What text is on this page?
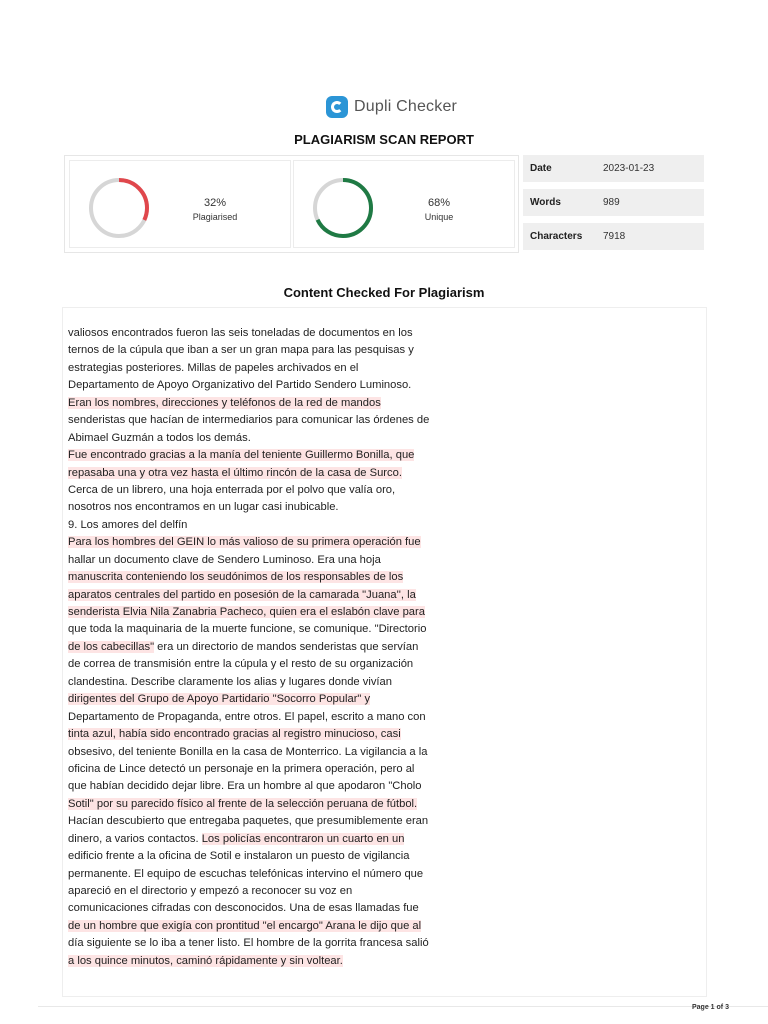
Dupli Checker
PLAGIARISM SCAN REPORT
32%
Plagiarised
68%
Unique
Date	2023-01-23
Words	989
Characters 7918
Content Checked For Plagiarism
valiosos encontrados fueron las seis toneladas de documentos en los
ternos de la cúpula que iban a ser un gran mapa para las pesquisas y
estrategias posteriores. Millas de papeles archivados en el
Departamento de Apoyo Organizativo del Partido Sendero Luminoso.
Eran los nombres, direcciones y teléfonos de la red de mandos
senderistas que hacían de intermediarios para comunicar las órdenes de
Abimael Guzmán a todos los demás.
Fue encontrado gracias a la manía del teniente Guillermo Bonilla, que
repasaba una y otra vez hasta el último rincón de la casa de Surco.
Cerca de un librero, una hoja enterrada por el polvo que valía oro,
nosotros nos encontramos en un lugar casi inubicable.
9. Los amores del delfín
Para los hombres del GEIN lo más valioso de su primera operación fue
hallar un documento clave de Sendero Luminoso. Era una hoja
manuscrita conteniendo los seudónimos de los responsables de los
aparatos centrales del partido en posesión de la camarada "Juana'', la
senderista Elvia Nila Zanabria Pacheco, quien era el eslabón clave para
que toda la maquinaria de la muerte funcione, se comunique. "Directorio
de los cabecillas" era un directorio de mandos senderistas que servían
de correa de transmisión entre la cúpula y el resto de su organización
clandestina. Describe claramente los alias y lugares donde vivían
dirigentes del Grupo de Apoyo Partidario "Socorro Popular" y
Departamento de Propaganda, entre otros. El papel, escrito a mano con
tinta azul, había sido encontrado gracias al registro minucioso, casi
obsesivo, del teniente Bonilla en la casa de Monterrico. La vigilancia a la
oficina de Lince detectó un personaje en la primera operación, pero al
que habían decidido dejar libre. Era un hombre al que apodaron "Cholo
Sotil" por su parecido físico al frente de la selección peruana de fútbol.
Hacían descubierto que entregaba paquetes, que presumiblemente eran
dinero, a varios contactos. Los policías encontraron un cuarto en un
edificio frente a la oficina de Sotil e instalaron un puesto de vigilancia
permanente. El equipo de escuchas telefónicas intervino el número que
apareció en el directorio y empezó a reconocer su voz en
comunicaciones cifradas con desconocidos. Una de esas llamadas fue
de un hombre que exigía con prontitud "el encargo" Arana le dijo que al
día siguiente se lo iba a tener listo. El hombre de la gorrita francesa salió
a los quince minutos, caminó rápidamente y sin voltear.
Page 1 of 3
